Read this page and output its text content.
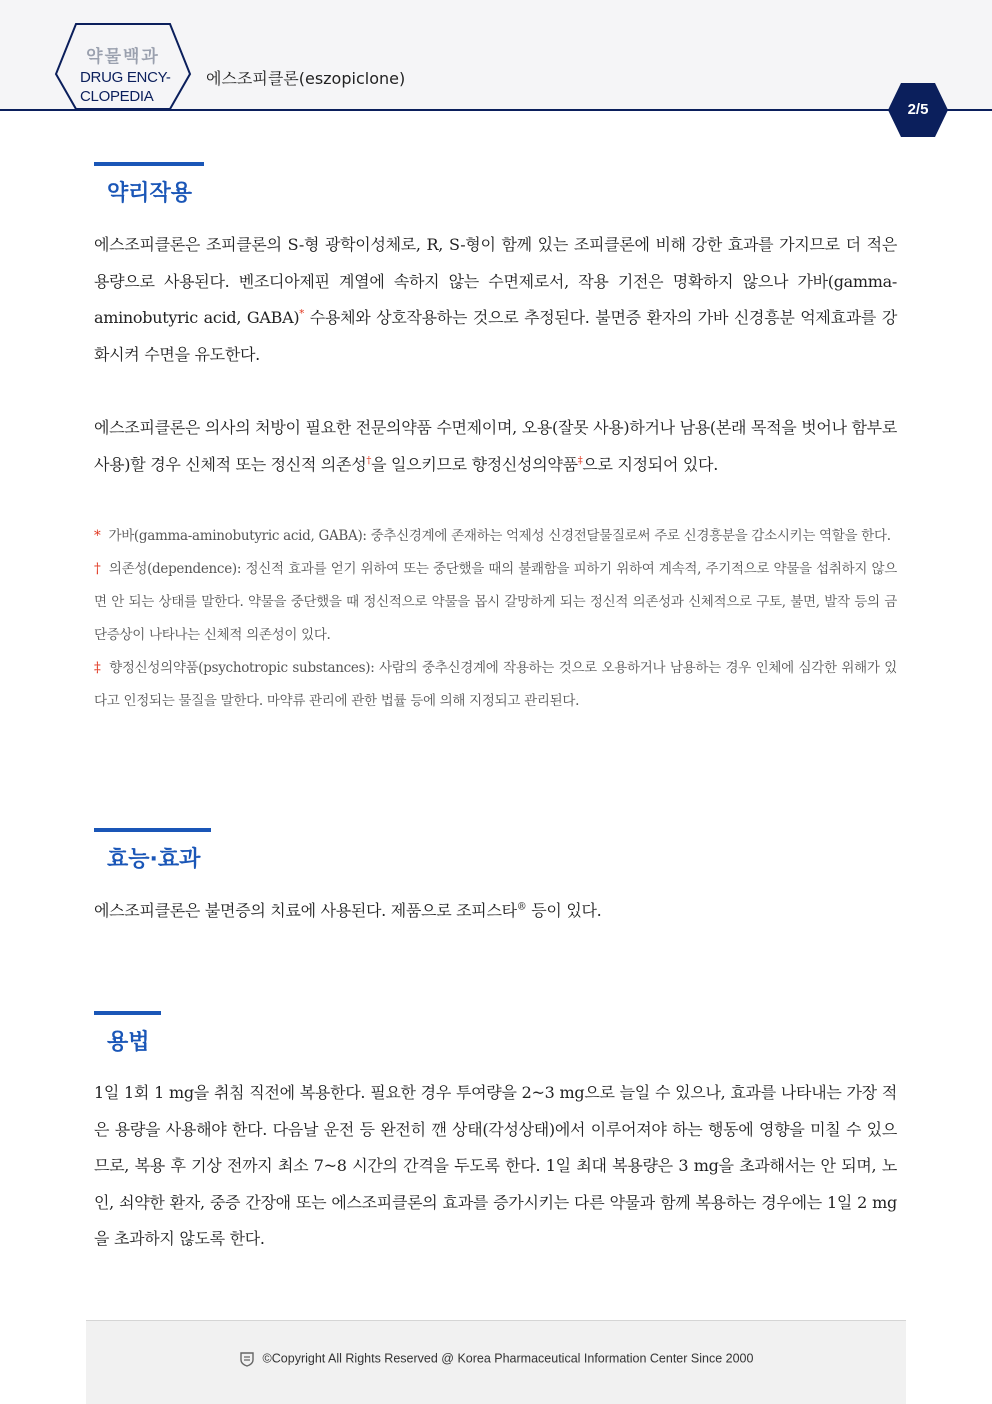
약물백과
DRUG ENCY-
CLOPEDIA
에스조피클론(eszopiclone)
2/5
약리작용

에스조피클론은 조피클론의 S-형 광학이성체로, R, S-형이 함께 있는 조피클론에 비해 강한 효과를 가지므로 더 적은 용량으로 사용된다. 벤조디아제핀 계열에 속하지 않는 수면제로서, 작용 기전은 명확하지 않으나 가바(gamma-aminobutyric acid, GABA)* 수용체와 상호작용하는 것으로 추정된다. 불면증 환자의 가바 신경흥분 억제효과를 강화시켜 수면을 유도한다.

에스조피클론은 의사의 처방이 필요한 전문의약품 수면제이며, 오용(잘못 사용)하거나 남용(본래 목적을 벗어나 함부로 사용)할 경우 신체적 또는 정신적 의존성†을 일으키므로 향정신성의약품‡으로 지정되어 있다.

* 가바(gamma-aminobutyric acid, GABA): 중추신경계에 존재하는 억제성 신경전달물질로써 주로 신경흥분을 감소시키는 역할을 한다.

† 의존성(dependence): 정신적 효과를 얻기 위하여 또는 중단했을 때의 불쾌함을 피하기 위하여 계속적, 주기적으로 약물을 섭취하지 않으면 안 되는 상태를 말한다. 약물을 중단했을 때 정신적으로 약물을 몹시 갈망하게 되는 정신적 의존성과 신체적으로 구토, 불면, 발작 등의 금단증상이 나타나는 신체적 의존성이 있다.

‡ 향정신성의약품(psychotropic substances): 사람의 중추신경계에 작용하는 것으로 오용하거나 남용하는 경우 인체에 심각한 위해가 있다고 인정되는 물질을 말한다. 마약류 관리에 관한 법률 등에 의해 지정되고 관리된다.

효능·효과

에스조피클론은 불면증의 치료에 사용된다. 제품으로 조피스타® 등이 있다.

용법

1일 1회 1 mg을 취침 직전에 복용한다. 필요한 경우 투여량을 2~3 mg으로 늘일 수 있으나, 효과를 나타내는 가장 적은 용량을 사용해야 한다. 다음날 운전 등 완전히 깬 상태(각성상태)에서 이루어져야 하는 행동에 영향을 미칠 수 있으므로, 복용 후 기상 전까지 최소 7~8 시간의 간격을 두도록 한다. 1일 최대 복용량은 3 mg을 초과해서는 안 되며, 노인, 쇠약한 환자, 중증 간장애 또는 에스조피클론의 효과를 증가시키는 다른 약물과 함께 복용하는 경우에는 1일 2 mg을 초과하지 않도록 한다.

©Copyright All Rights Reserved @ Korea Pharmaceutical Information Center Since 2000
